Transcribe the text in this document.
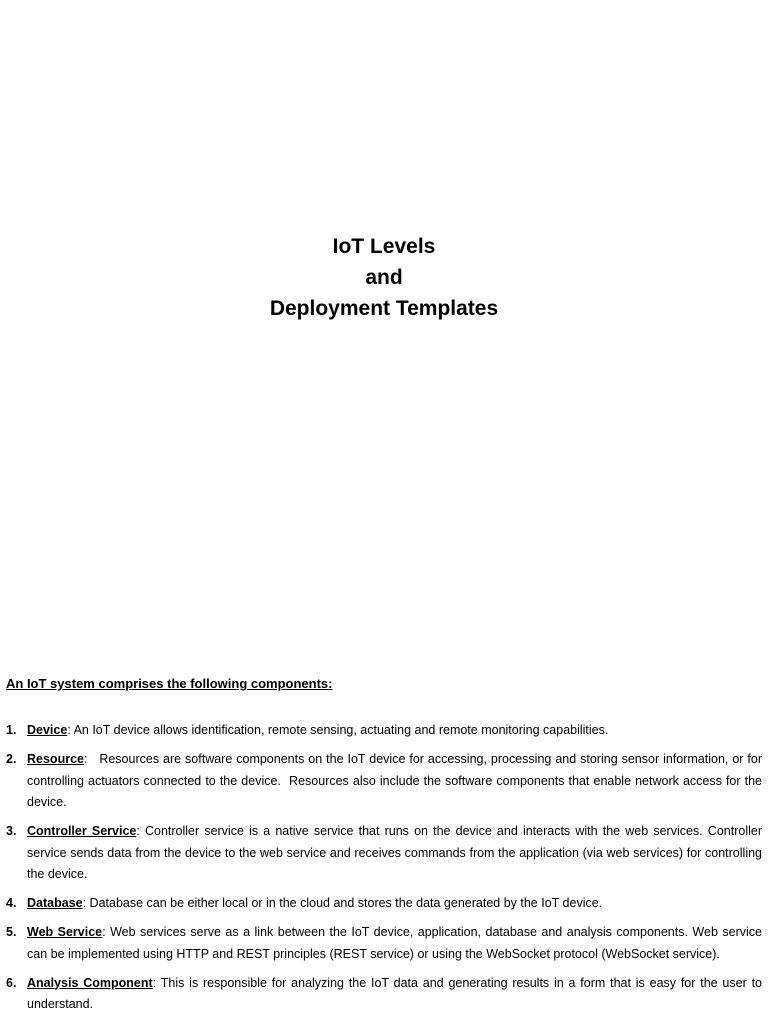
IoT Levels
and
Deployment Templates
An IoT system comprises the following components:
1. Device: An IoT device allows identification, remote sensing, actuating and remote monitoring capabilities.
2. Resource:   Resources are software components on the IoT device for accessing, processing and storing sensor information, or for controlling actuators connected to the device.  Resources also include the software components that enable network access for the device.
3. Controller Service: Controller service is a native service that runs on the device and interacts with the web services. Controller service sends data from the device to the web service and receives commands from the application (via web services) for controlling the device.
4. Database: Database can be either local or in the cloud and stores the data generated by the IoT device.
5. Web Service: Web services serve as a link between the IoT device, application, database and analysis components. Web service can be implemented using HTTP and REST principles (REST service) or using the WebSocket protocol (WebSocket service).
6. Analysis Component: This is responsible for analyzing the IoT data and generating results in a form that is easy for the user to understand.
